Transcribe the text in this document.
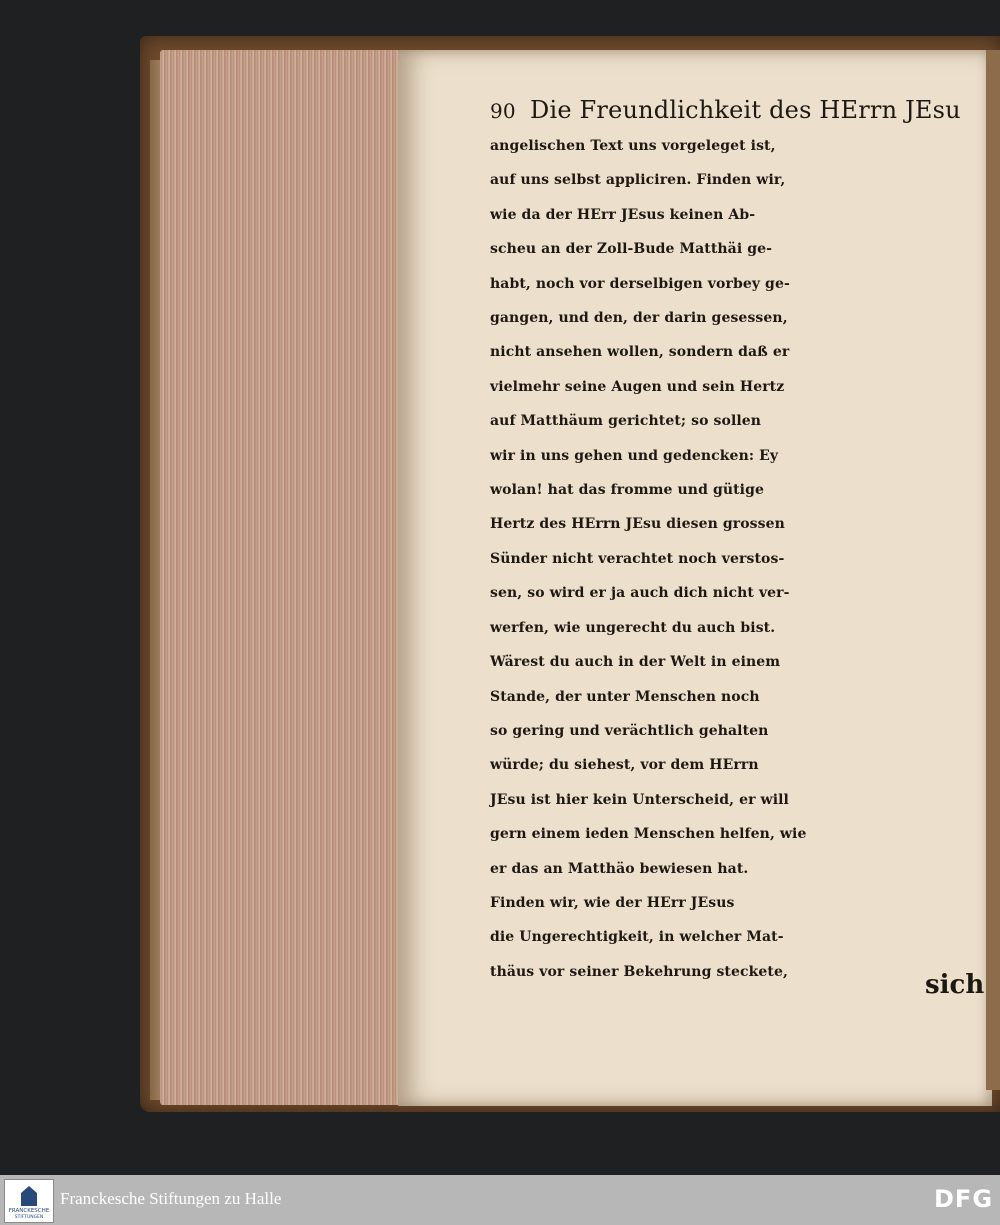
90 Die Freundlichkeit des HErrn JEsu
angelischen Text uns vorgeleget ist,
auf uns selbst appliciren. Finden wir,
wie da der HErr JEsus keinen Ab-
scheu an der Zoll-Bude Matthäi ge-
habt, noch vor derselbigen vorbey ge-
gangen, und den, der darin gesessen,
nicht ansehen wollen, sondern daß er
vielmehr seine Augen und sein Hertz
auf Matthäum gerichtet; so sollen
wir in uns gehen und gedencken: Ey
wolan! hat das fromme und gütige
Hertz des HErrn JEsu diesen grossen
Sünder nicht verachtet noch verstos-
sen, so wird er ja auch dich nicht ver-
werfen, wie ungerecht du auch bist.
Wärest du auch in der Welt in einem
Stande, der unter Menschen noch
so gering und verächtlich gehalten
würde; du siehest, vor dem HErrn
JEsu ist hier kein Unterscheid, er will
gern einem ieden Menschen helfen, wie
er das an Matthäo bewiesen hat.
Finden wir, wie der HErr JEsus
die Ungerechtigkeit, in welcher Mat-
thäus vor seiner Bekehrung steckete,	sich
FRANCKESCHE
STIFTUNGEN
Franckesche Stiftungen zu Halle	DFG
